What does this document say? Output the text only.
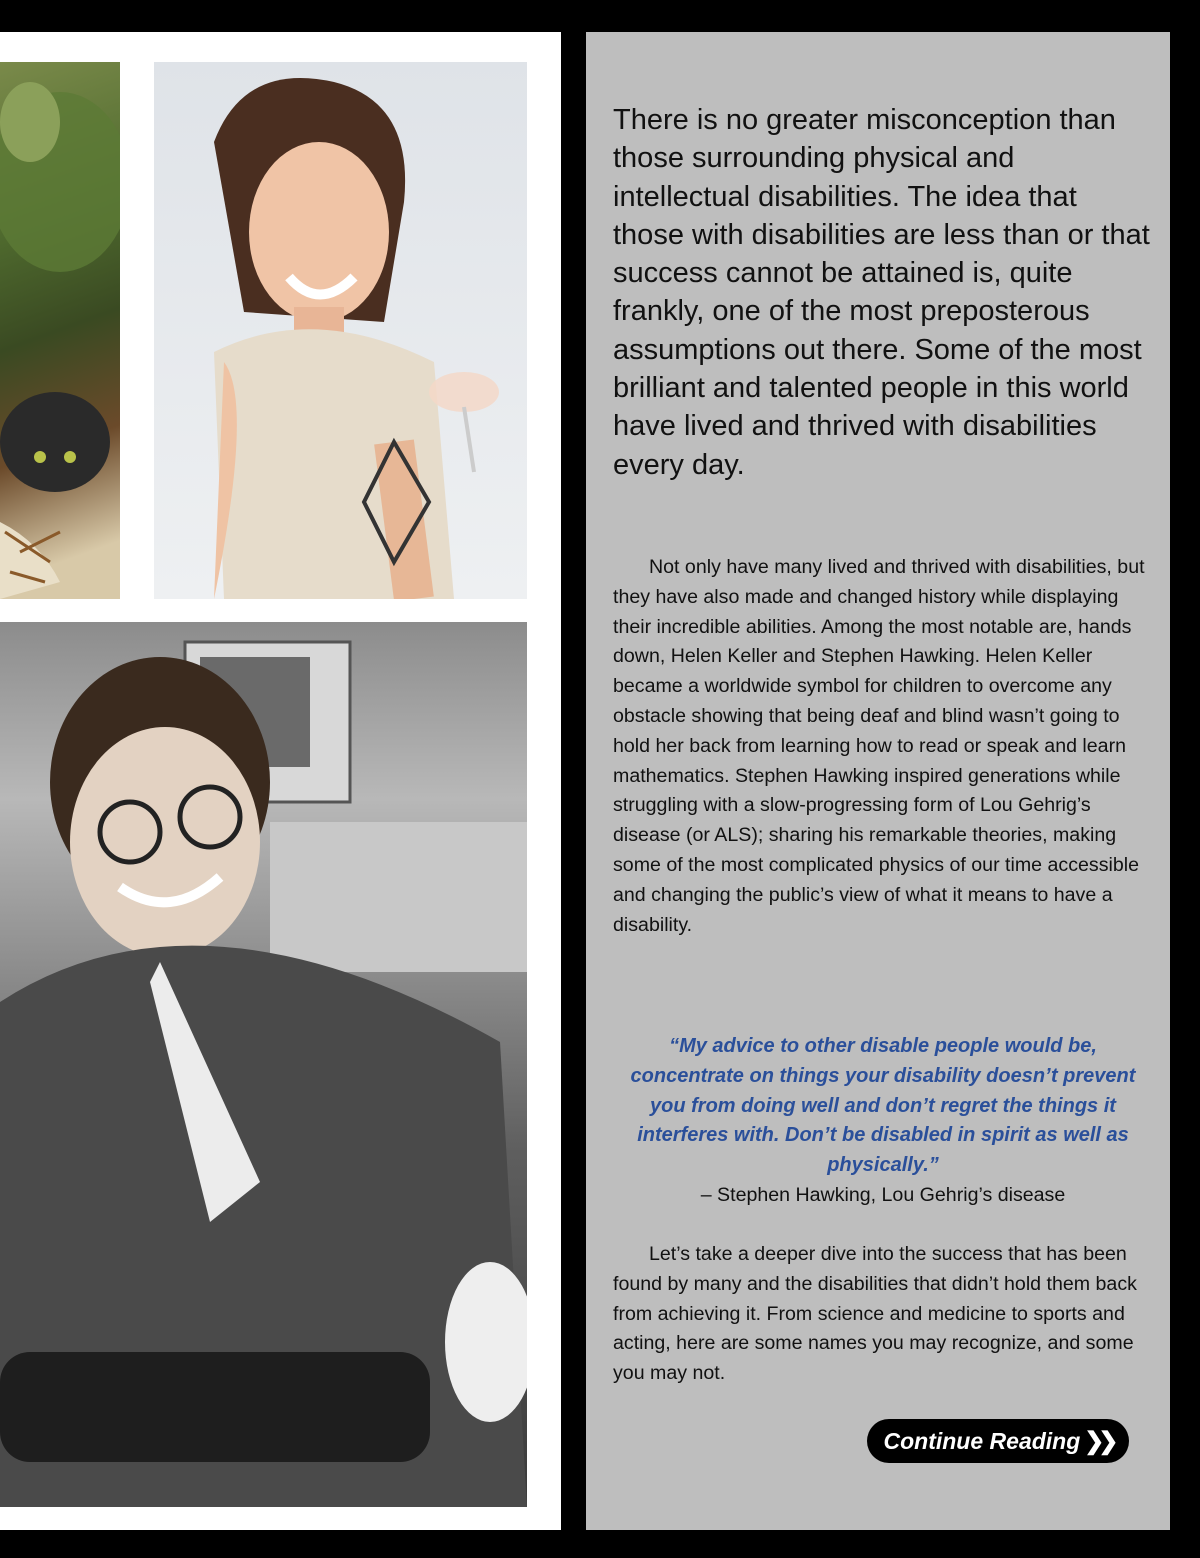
There is no greater misconception than those surrounding physical and intellectual disabilities. The idea that those with disabilities are less than or that success cannot be attained is, quite frankly, one of the most preposterous assumptions out there. Some of the most brilliant and talented people in this world have lived and thrived with disabilities every day.

Not only have many lived and thrived with disabilities, but they have also made and changed history while displaying their incredible abilities. Among the most notable are, hands down, Helen Keller and Stephen Hawking. Helen Keller became a worldwide symbol for children to overcome any obstacle showing that being deaf and blind wasn’t going to hold her back from learning how to read or speak and learn mathematics. Stephen Hawking inspired generations while struggling with a slow-progressing form of Lou Gehrig’s disease (or ALS); sharing his remarkable theories, making some of the most complicated physics of our time accessible and changing the public’s view of what it means to have a disability.

“My advice to other disable people would be, concentrate on things your disability doesn’t prevent you from doing well and don’t regret the things it interferes with. Don’t be disabled in spirit as well as physically.”

– Stephen Hawking, Lou Gehrig’s disease

Let’s take a deeper dive into the success that has been found by many and the disabilities that didn’t hold them back from achieving it. From science and medicine to sports and acting, here are some names you may recognize, and some you may not.

Continue Reading ❯❯
